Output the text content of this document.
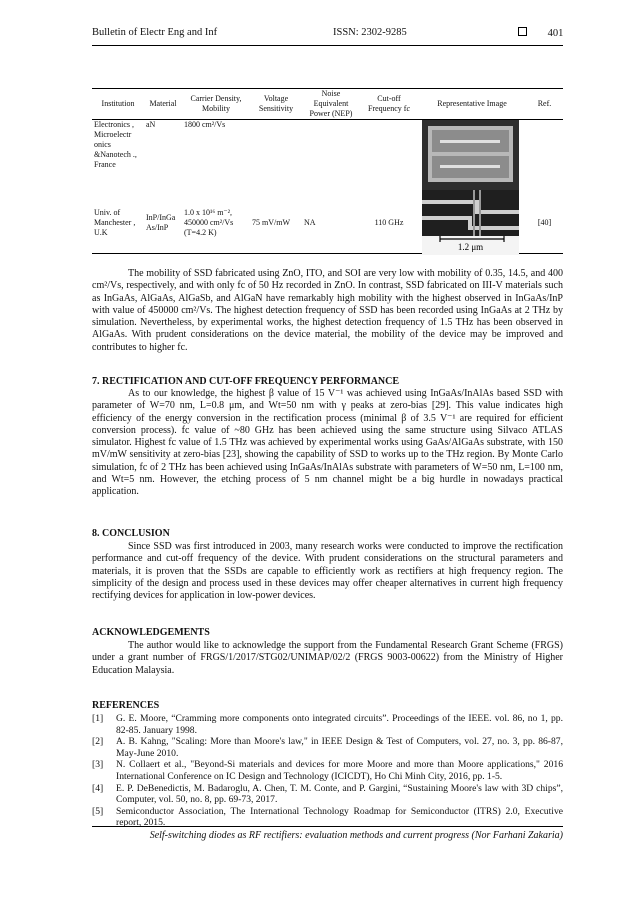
Bulletin of Electr Eng and Inf	ISSN: 2302-9285	401
Institution	Material	Carrier Density, Mobility	Voltage Sensitivity	Noise Equivalent Power (NEP)	Cut-off Frequency fc	Representative Image	Ref.
Electronics , Microelectr onics &Nanotech ., France	aN	1800 cm²/Vs					
Univ. of Manchester , U.K	InP/InGa As/InP	1.0 x 10¹⁶ m⁻²,
450000 cm²/Vs
(T=4.2 K)	75 mV/mW	NA	110 GHz	1.2 μm	[40]
The mobility of SSD fabricated using ZnO, ITO, and SOI are very low with mobility of 0.35, 14.5, and 400 cm²/Vs, respectively, and with only fc of 50 Hz recorded in ZnO. In contrast, SSD fabricated on III-V materials such as InGaAs, AlGaAs, AlGaSb, and AlGaN have remarkably high mobility with the highest observed in InGaAs/InP with value of 450000 cm²/Vs. The highest detection frequency of SSD has been recorded using InGaAs at 2 THz by simulation. Nevertheless, by experimental works, the highest detection frequency of 1.5 THz has been observed in AlGaAs. With prudent considerations on the device material, the mobility of the device may be improved and contributes to higher fc.
7. RECTIFICATION AND CUT-OFF FREQUENCY PERFORMANCE
As to our knowledge, the highest β value of 15 V⁻¹ was achieved using InGaAs/InAlAs based SSD with parameter of W=70 nm, L=0.8 μm, and Wt=50 nm with γ peaks at zero-bias [29]. This value indicates high efficiency of the energy conversion in the rectification process (minimal β of 3.5 V⁻¹ are required for efficient conversion process). fc value of ~80 GHz has been achieved using the same structure using Silvaco ATLAS simulator. Highest fc value of 1.5 THz was achieved by experimental works using GaAs/AlGaAs substrate, with 150 mV/mW sensitivity at zero-bias [23], showing the capability of SSD to works up to the THz region. By Monte Carlo simulation, fc of 2 THz has been achieved using InGaAs/InAlAs substrate with parameters of W=50 nm, L=100 nm, and Wt=5 nm. However, the etching process of 5 nm channel might be a big hurdle in nowadays practical application.
8. CONCLUSION
Since SSD was first introduced in 2003, many research works were conducted to improve the rectification performance and cut-off frequency of the device. With prudent considerations on the structural parameters and materials, it is proven that the SSDs are capable to efficiently work as rectifiers at high frequency region. The simplicity of the design and process used in these devices may offer cheaper alternatives in current high frequency rectifying devices for application in low-power devices.
ACKNOWLEDGEMENTS
The author would like to acknowledge the support from the Fundamental Research Grant Scheme (FRGS) under a grant number of FRGS/1/2017/STG02/UNIMAP/02/2 (FRGS 9003-00622) from the Ministry of Higher Education Malaysia.
REFERENCES
[1]	G. E. Moore, “Cramming more components onto integrated circuits”. Proceedings of the IEEE. vol. 86, no 1, pp. 82-85. January 1998.
[2]	A. B. Kahng, "Scaling: More than Moore's law," in IEEE Design & Test of Computers, vol. 27, no. 3, pp. 86-87, May-June 2010.
[3]	N. Collaert et al., "Beyond-Si materials and devices for more Moore and more than Moore applications," 2016 International Conference on IC Design and Technology (ICICDT), Ho Chi Minh City, 2016, pp. 1-5.
[4]	E. P. DeBenedictis, M. Badaroglu, A. Chen, T. M. Conte, and P. Gargini, “Sustaining Moore's law with 3D chips”, Computer, vol. 50, no. 8, pp. 69-73, 2017.
[5]	Semiconductor Association, The International Technology Roadmap for Semiconductor (ITRS) 2.0, Executive report, 2015.
Self-switching diodes as RF rectifiers: evaluation methods and current progress (Nor Farhani Zakaria)
